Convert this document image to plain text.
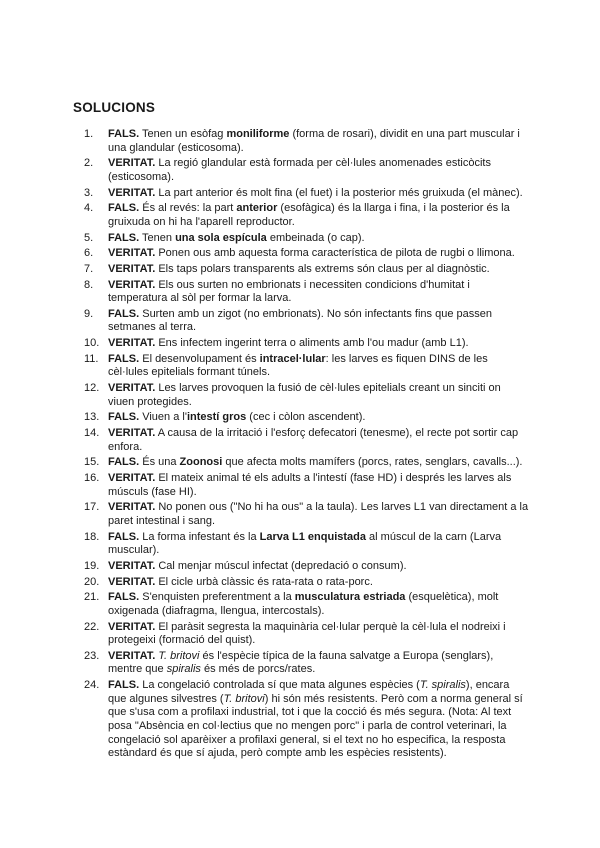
SOLUCIONS
1.	FALS. Tenen un esòfag moniliforme (forma de rosari), dividit en una part muscular i una glandular (esticosoma).
2.	VERITAT. La regió glandular està formada per cèl·lules anomenades esticòcits (esticosoma).
3.	VERITAT. La part anterior és molt fina (el fuet) i la posterior més gruixuda (el mànec).
4.	FALS. És al revés: la part anterior (esofàgica) és la llarga i fina, i la posterior és la gruixuda on hi ha l'aparell reproductor.
5.	FALS. Tenen una sola espícula embeinada (o cap).
6.	VERITAT. Ponen ous amb aquesta forma característica de pilota de rugbi o llimona.
7.	VERITAT. Els taps polars transparents als extrems són claus per al diagnòstic.
8.	VERITAT. Els ous surten no embrionats i necessiten condicions d'humitat i temperatura al sòl per formar la larva.
9.	FALS. Surten amb un zigot (no embrionats). No són infectants fins que passen setmanes al terra.
10. VERITAT. Ens infectem ingerint terra o aliments amb l'ou madur (amb L1).
11. FALS. El desenvolupament és intracel·lular: les larves es fiquen DINS de les cèl·lules epitelials formant túnels.
12. VERITAT. Les larves provoquen la fusió de cèl·lules epitelials creant un sinciti on viuen protegides.
13. FALS. Viuen a l'intestí gros (cec i còlon ascendent).
14. VERITAT. A causa de la irritació i l'esforç defecatori (tenesme), el recte pot sortir cap enfora.
15. FALS. És una Zoonosi que afecta molts mamífers (porcs, rates, senglars, cavalls...).
16. VERITAT. El mateix animal té els adults a l'intestí (fase HD) i després les larves als músculs (fase HI).
17. VERITAT. No ponen ous ("No hi ha ous" a la taula). Les larves L1 van directament a la paret intestinal i sang.
18. FALS. La forma infestant és la Larva L1 enquistada al múscul de la carn (Larva muscular).
19. VERITAT. Cal menjar múscul infectat (depredació o consum).
20. VERITAT. El cicle urbà clàssic és rata-rata o rata-porc.
21. FALS. S'enquisten preferentment a la musculatura estriada (esquelètica), molt oxigenada (diafragma, llengua, intercostals).
22. VERITAT. El paràsit segresta la maquinària cel·lular perquè la cèl·lula el nodreixi i protegeixi (formació del quist).
23. VERITAT. T. britovi és l'espècie típica de la fauna salvatge a Europa (senglars), mentre que spiralis és més de porcs/rates.
24. FALS. La congelació controlada sí que mata algunes espècies (T. spiralis), encara que algunes silvestres (T. britovi) hi són més resistents. Però com a norma general sí que s'usa com a profilaxi industrial, tot i que la cocció és més segura. (Nota: Al text posa "Absència en col·lectius que no mengen porc" i parla de control veterinari, la congelació sol aparèixer a profilaxi general, si el text no ho especifica, la resposta estàndard és que sí ajuda, però compte amb les espècies resistents).
